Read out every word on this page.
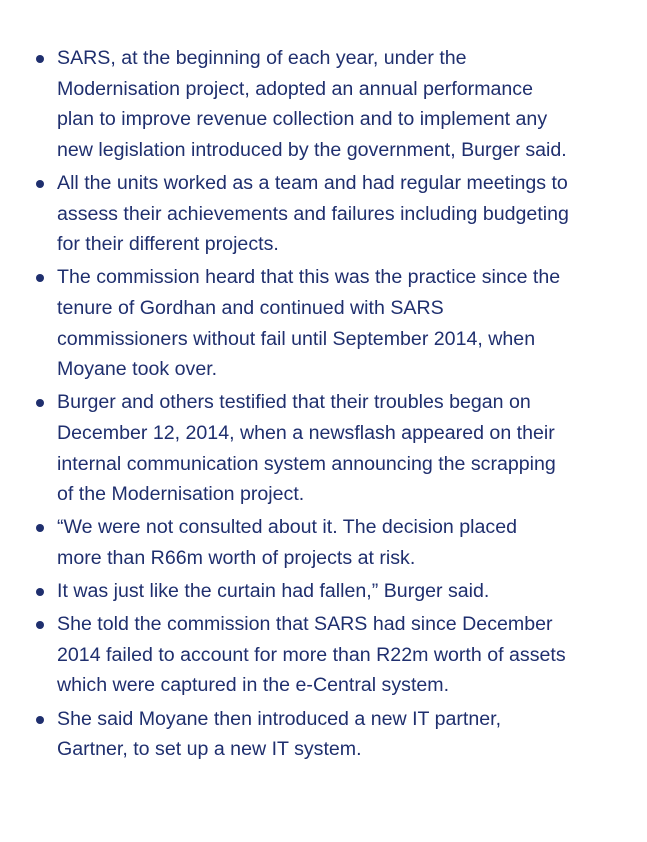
SARS, at the beginning of each year, under the
Modernisation project, adopted an annual performance
plan to improve revenue collection and to implement any
new legislation introduced by the government, Burger said.
All the units worked as a team and had regular meetings to
assess their achievements and failures including budgeting
for their different projects.
The commission heard that this was the practice since the
tenure of Gordhan and continued with SARS
commissioners without fail until September 2014, when
Moyane took over.
Burger and others testified that their troubles began on
December 12, 2014, when a newsflash appeared on their
internal communication system announcing the scrapping
of the Modernisation project.
“We were not consulted about it. The decision placed
more than R66m worth of projects at risk.
It was just like the curtain had fallen,” Burger said.
She told the commission that SARS had since December
2014 failed to account for more than R22m worth of assets
which were captured in the e-Central system.
She said Moyane then introduced a new IT partner,
Gartner, to set up a new IT system.
